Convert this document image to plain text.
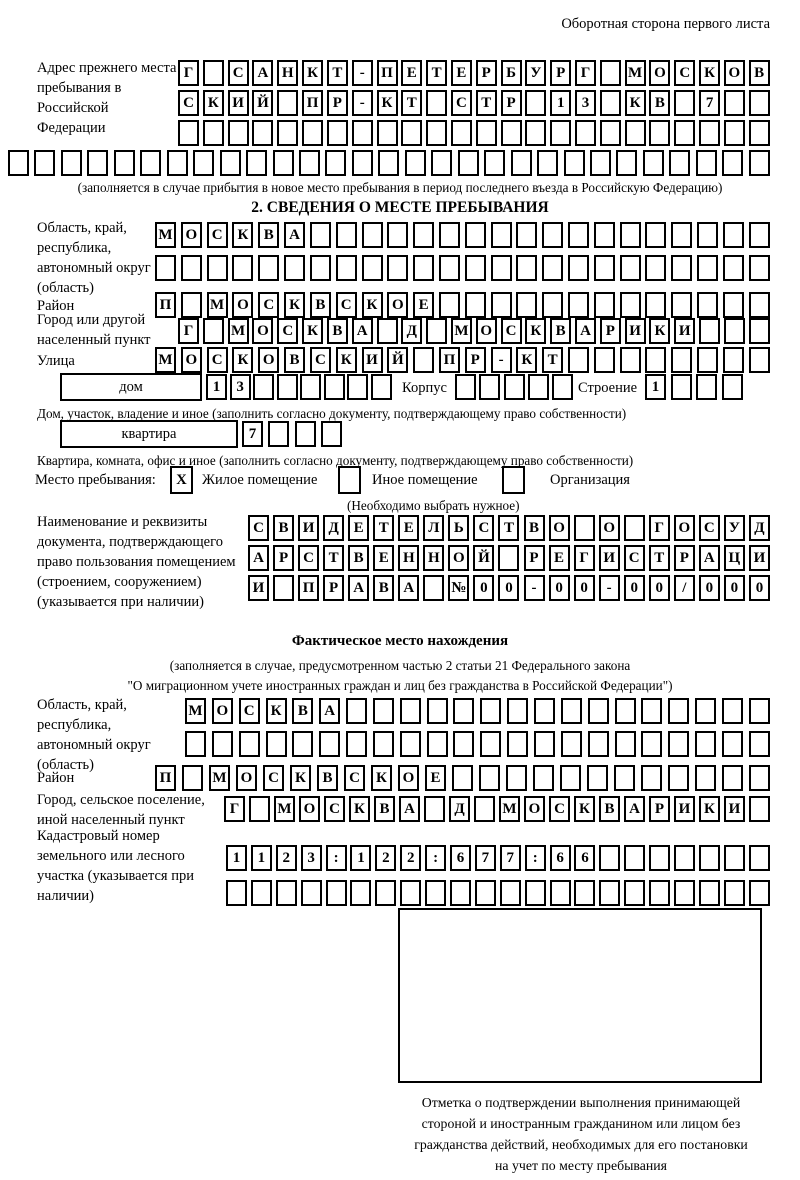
Оборотная сторона первого листа
Адрес прежнего места пребывания в Российской Федерации
Г	С А Н К Т	-	П Е Т Е	Р	Б У Р	Г	М О С К О В
С К И Й	П Р	-	К Т	С Т	Р	1	3	К В	7
(заполняется в случае прибытия в новое место пребывания в период последнего въезда в Российскую Федерацию)
2. СВЕДЕНИЯ О МЕСТЕ ПРЕБЫВАНИЯ
Область, край, республика, автономный округ (область)
М О С К	В	А
Район	П	М О С К	В	С К О Е
Город или другой населенный пункт
Г	М О С К В А	Д	М О С К В А Р И К И
Улица	М О С К О В	С К И Й	П	Р	-	К	Т
дом	1	3	Корпус	Строение 1
Дом, участок, владение и иное (заполнить согласно документу, подтверждающему право собственности)
квартира	7
Квартира, комната, офис и иное (заполнить согласно документу, подтверждающему право собственности)
Место пребывания:	X	Жилое помещение	Иное помещение	Организация
(Необходимо выбрать нужное)
Наименование и реквизиты документа, подтверждающего право пользования помещением (строением, сооружением) (указывается при наличии)
С В И Д Е	Т	Е Л Ь С Т	В О	О	Г О С У Д
А	Р	С Т	В	Е Н Н О Й	Р	Е	Г И С Т	Р	А Ц И
И	П Р	А В А	№ 0	0	-	0	0	-	0	0	/	0	0	0
Фактическое место нахождения
(заполняется в случае, предусмотренном частью 2 статьи 21 Федерального закона
"О миграционном учете иностранных граждан и лиц без гражданства в Российской Федерации")
Область, край, республика, автономный округ (область)
М О	С	К	В	А
Район	П	М О	С	К	В	С	К	О	Е
Город, сельское поселение, иной населенный пункт
Г	М О С К В А	Д	М О С К В А Р И К И
Кадастровый номер земельного или лесного участка (указывается при наличии)
1	1	2	3	:	1	2	2	:	6	7	7	:	6	6
Отметка о подтверждении выполнения принимающей
стороной и иностранным гражданином или лицом без
гражданства действий, необходимых для его постановки
на учет по месту пребывания
